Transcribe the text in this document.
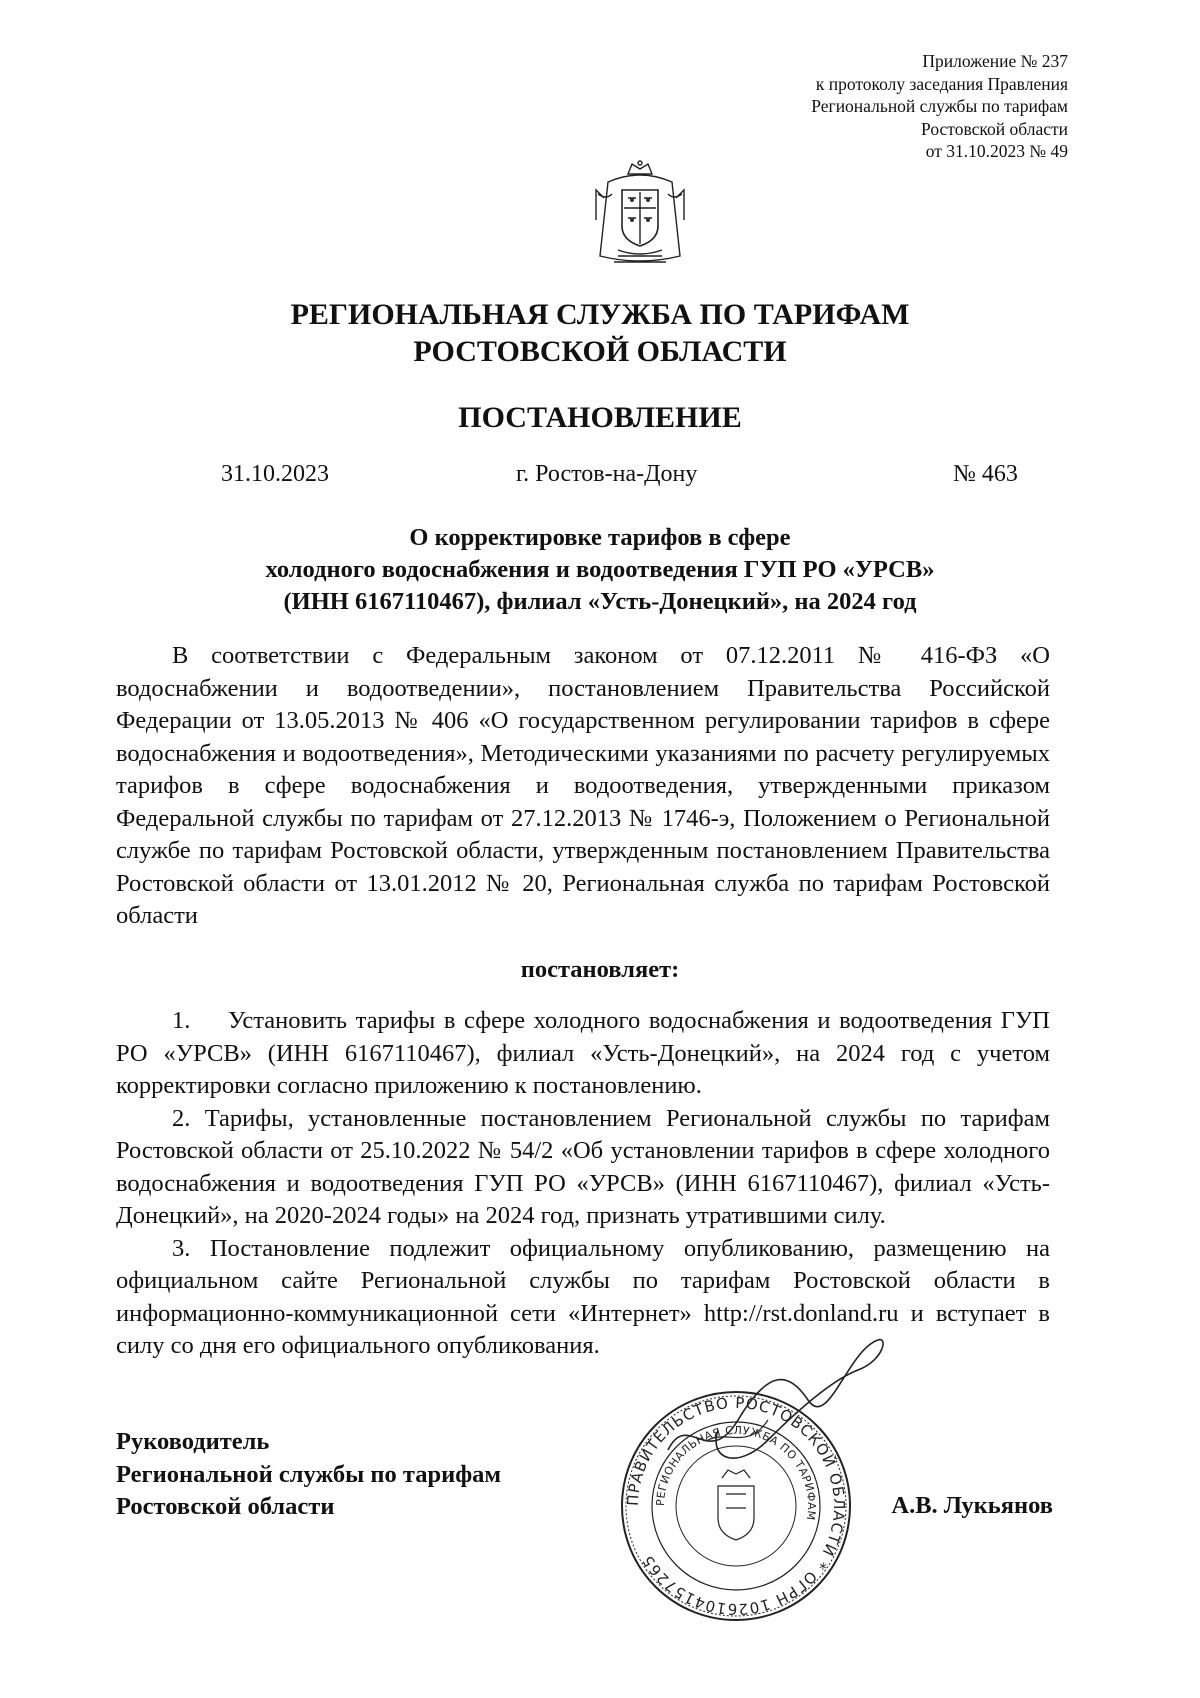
Приложение № 237
к протоколу заседания Правления
Региональной службы по тарифам
Ростовской области
от 31.10.2023 № 49
РЕГИОНАЛЬНАЯ СЛУЖБА ПО ТАРИФАМ
РОСТОВСКОЙ ОБЛАСТИ
ПОСТАНОВЛЕНИЕ
31.10.2023	г. Ростов-на-Дону	№ 463
О корректировке тарифов в сфере
холодного водоснабжения и водоотведения ГУП РО «УРСВ»
(ИНН 6167110467), филиал «Усть-Донецкий», на 2024 год

В соответствии с Федеральным законом от 07.12.2011 № 416-ФЗ «О водоснабжении и водоотведении», постановлением Правительства Российской Федерации от 13.05.2013 № 406 «О государственном регулировании тарифов в сфере водоснабжения и водоотведения», Методическими указаниями по расчету регулируемых тарифов в сфере водоснабжения и водоотведения, утвержденными приказом Федеральной службы по тарифам от 27.12.2013 № 1746-э, Положением о Региональной службе по тарифам Ростовской области, утвержденным постановлением Правительства Ростовской области от 13.01.2012 № 20, Региональная служба по тарифам Ростовской области

постановляет:

1. Установить тарифы в сфере холодного водоснабжения и водоотведения ГУП РО «УРСВ» (ИНН 6167110467), филиал «Усть-Донецкий», на 2024 год с учетом корректировки согласно приложению к постановлению.

2. Тарифы, установленные постановлением Региональной службы по тарифам Ростовской области от 25.10.2022 № 54/2 «Об установлении тарифов в сфере холодного водоснабжения и водоотведения ГУП РО «УРСВ» (ИНН 6167110467), филиал «Усть-Донецкий», на 2020-2024 годы» на 2024 год, признать утратившими силу.

3. Постановление подлежит официальному опубликованию, размещению на официальном сайте Региональной службы по тарифам Ростовской области в информационно-коммуникационной сети «Интернет» http://rst.donland.ru и вступает в силу со дня его официального опубликования.

Руководитель
Региональной службы по тарифам
Ростовской области	ПРАВИТЕЛЬСТВО РОСТОВСКОЙ ОБЛАСТИ * ОГРН 1026104157265
РЕГИОНАЛЬНАЯ СЛУЖБА ПО ТАРИФАМ	А.В. Лукьянов
